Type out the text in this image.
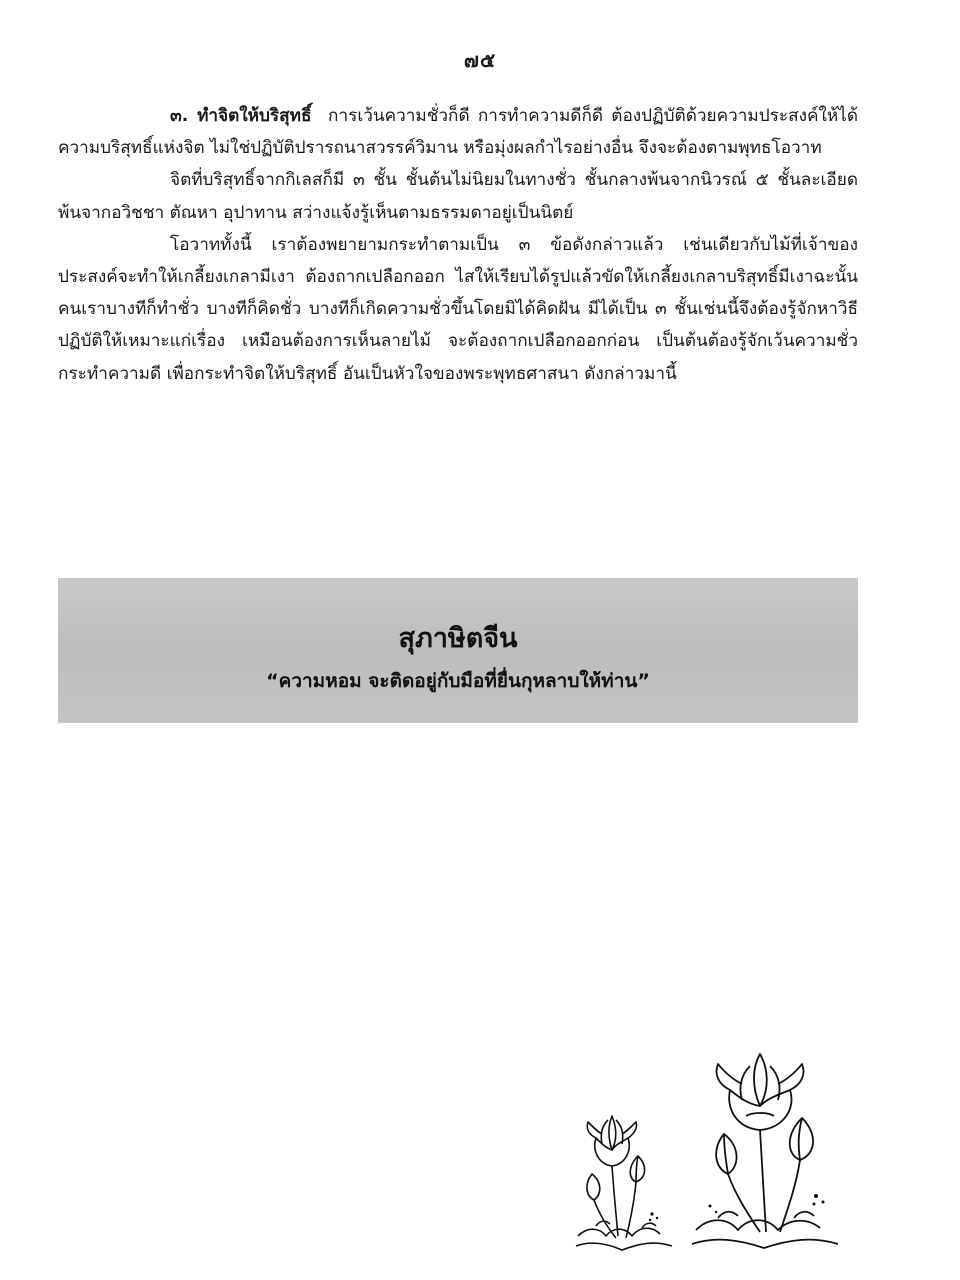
๗๕

๓. ทำจิตให้บริสุทธิ์ การเว้นความชั่วก็ดี การทำความดีก็ดี ต้องปฏิบัติด้วยความประสงค์ให้ได้ความบริสุทธิ์แห่งจิต ไม่ใช่ปฏิบัติปรารถนาสวรรค์วิมาน หรือมุ่งผลกำไรอย่างอื่น จึงจะต้องตามพุทธโอวาท

จิตที่บริสุทธิ์จากกิเลสก็มี ๓ ชั้น ชั้นต้นไม่นิยมในทางชั่ว ชั้นกลางพ้นจากนิวรณ์ ๕ ชั้นละเอียดพ้นจากอวิชชา ตัณหา อุปาทาน สว่างแจ้งรู้เห็นตามธรรมดาอยู่เป็นนิตย์

โอวาททั้งนี้ เราต้องพยายามกระทำตามเป็น ๓ ข้อดังกล่าวแล้ว เช่นเดียวกับไม้ที่เจ้าของประสงค์จะทำให้เกลี้ยงเกลามีเงา ต้องถากเปลือกออก ไสให้เรียบได้รูปแล้วขัดให้เกลี้ยงเกลาบริสุทธิ์มีเงาฉะนั้น คนเราบางทีก็ทำชั่ว บางทีก็คิดชั่ว บางทีก็เกิดความชั่วขึ้นโดยมิได้คิดฝัน มีได้เป็น ๓ ชั้นเช่นนี้จึงต้องรู้จักหาวิธีปฏิบัติให้เหมาะแก่เรื่อง เหมือนต้องการเห็นลายไม้ จะต้องถากเปลือกออกก่อน เป็นต้นต้องรู้จักเว้นความชั่ว กระทำความดี เพื่อกระทำจิตให้บริสุทธิ์ อันเป็นหัวใจของพระพุทธศาสนา ดังกล่าวมานี้

สุภาษิตจีน
“ความหอม จะติดอยู่กับมือที่ยื่นกุหลาบให้ท่าน”
